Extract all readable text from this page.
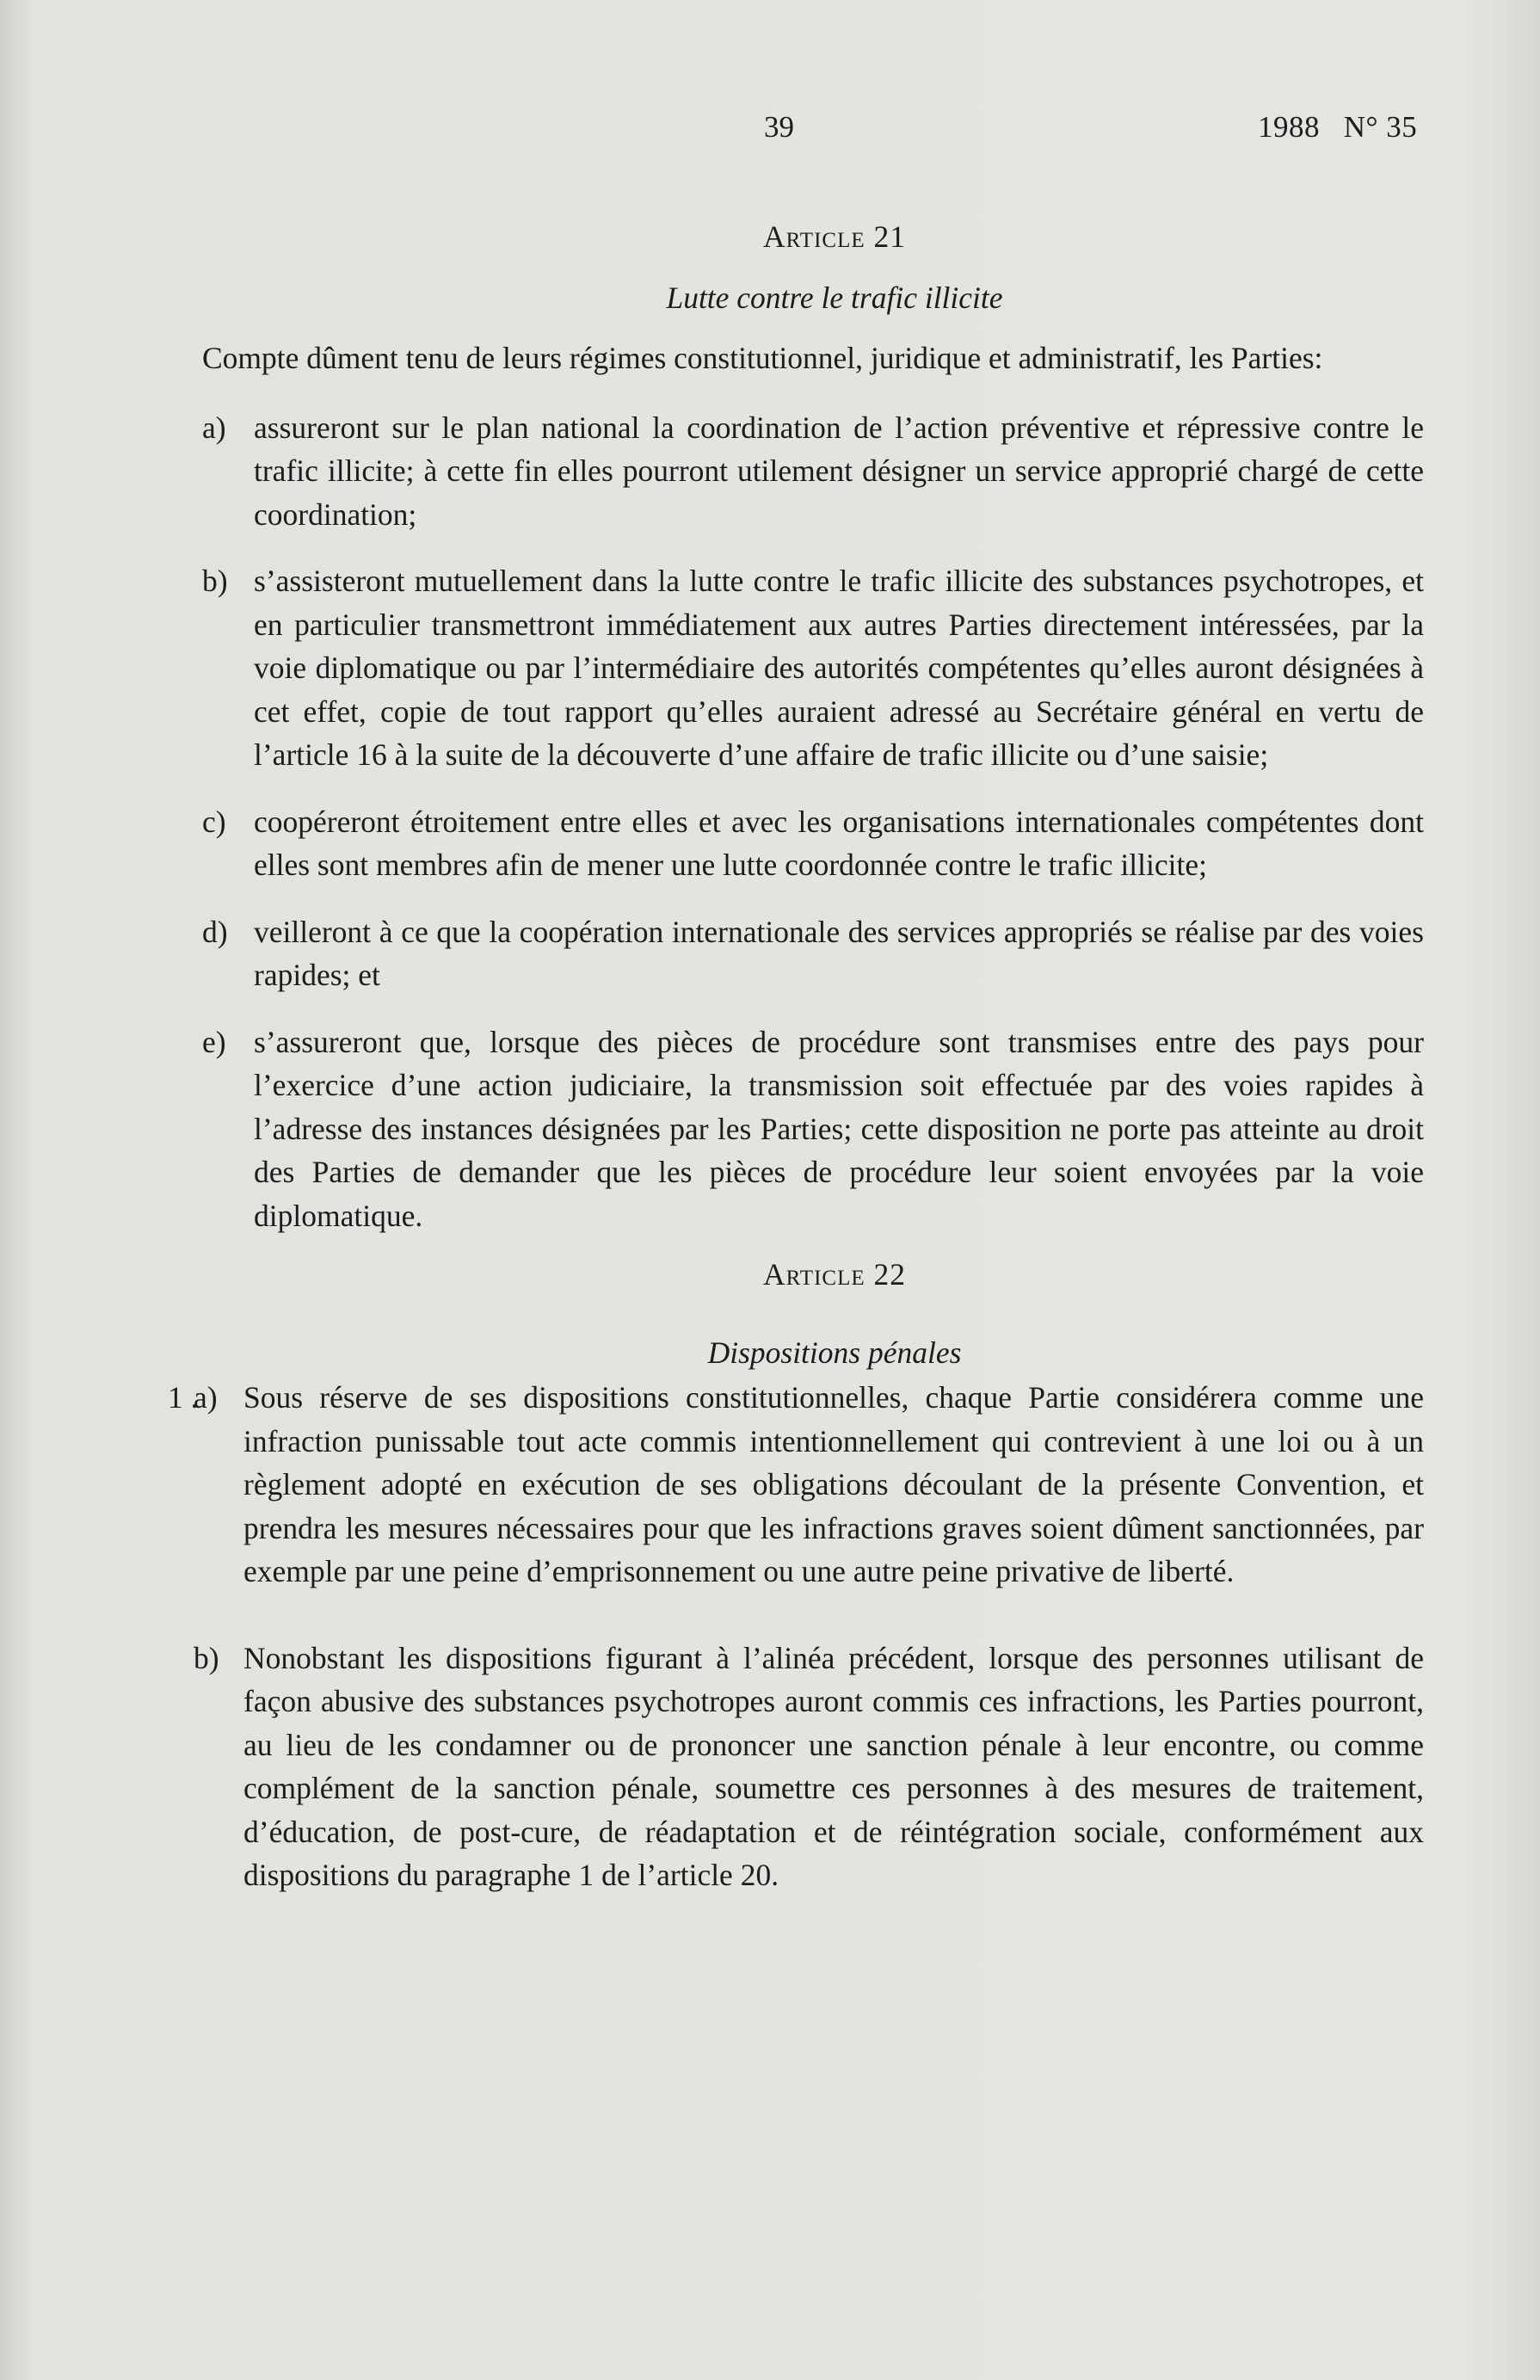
39	1988   N° 35
Article 21

Lutte contre le trafic illicite

Compte dûment tenu de leurs régimes constitutionnel, juridique et administratif, les Parties:

a) assureront sur le plan national la coordination de l’action préventive et répressive contre le trafic illicite; à cette fin elles pourront utilement désigner un service approprié chargé de cette coordination;
b) s’assisteront mutuellement dans la lutte contre le trafic illicite des substances psychotropes, et en particulier transmettront immédiatement aux autres Parties directement intéressées, par la voie diplomatique ou par l’intermédiaire des autorités compétentes qu’elles auront désignées à cet effet, copie de tout rapport qu’elles auraient adressé au Secrétaire général en vertu de l’article 16 à la suite de la découverte d’une affaire de trafic illicite ou d’une saisie;
c) coopéreront étroitement entre elles et avec les organisations internationales compétentes dont elles sont membres afin de mener une lutte coordonnée contre le trafic illicite;
d) veilleront à ce que la coopération internationale des services appropriés se réalise par des voies rapides; et
e) s’assureront que, lorsque des pièces de procédure sont transmises entre des pays pour l’exercice d’une action judiciaire, la transmission soit effectuée par des voies rapides à l’adresse des instances désignées par les Parties; cette disposition ne porte pas atteinte au droit des Parties de demander que les pièces de procédure leur soient envoyées par la voie diplomatique.
Article 22

Dispositions pénales

1 .
a) Sous réserve de ses dispositions constitutionnelles, chaque Partie considérera comme une infraction punissable tout acte commis intentionnellement qui contrevient à une loi ou à un règlement adopté en exécution de ses obligations découlant de la présente Convention, et prendra les mesures nécessaires pour que les infractions graves soient dûment sanctionnées, par exemple par une peine d’emprisonnement ou une autre peine privative de liberté.
b) Nonobstant les dispositions figurant à l’alinéa précédent, lorsque des personnes utilisant de façon abusive des substances psychotropes auront commis ces infractions, les Parties pourront, au lieu de les condamner ou de prononcer une sanction pénale à leur encontre, ou comme complément de la sanction pénale, soumettre ces personnes à des mesures de traitement, d’éducation, de post-cure, de réadaptation et de réintégration sociale, conformément aux dispositions du paragraphe 1 de l’article 20.
